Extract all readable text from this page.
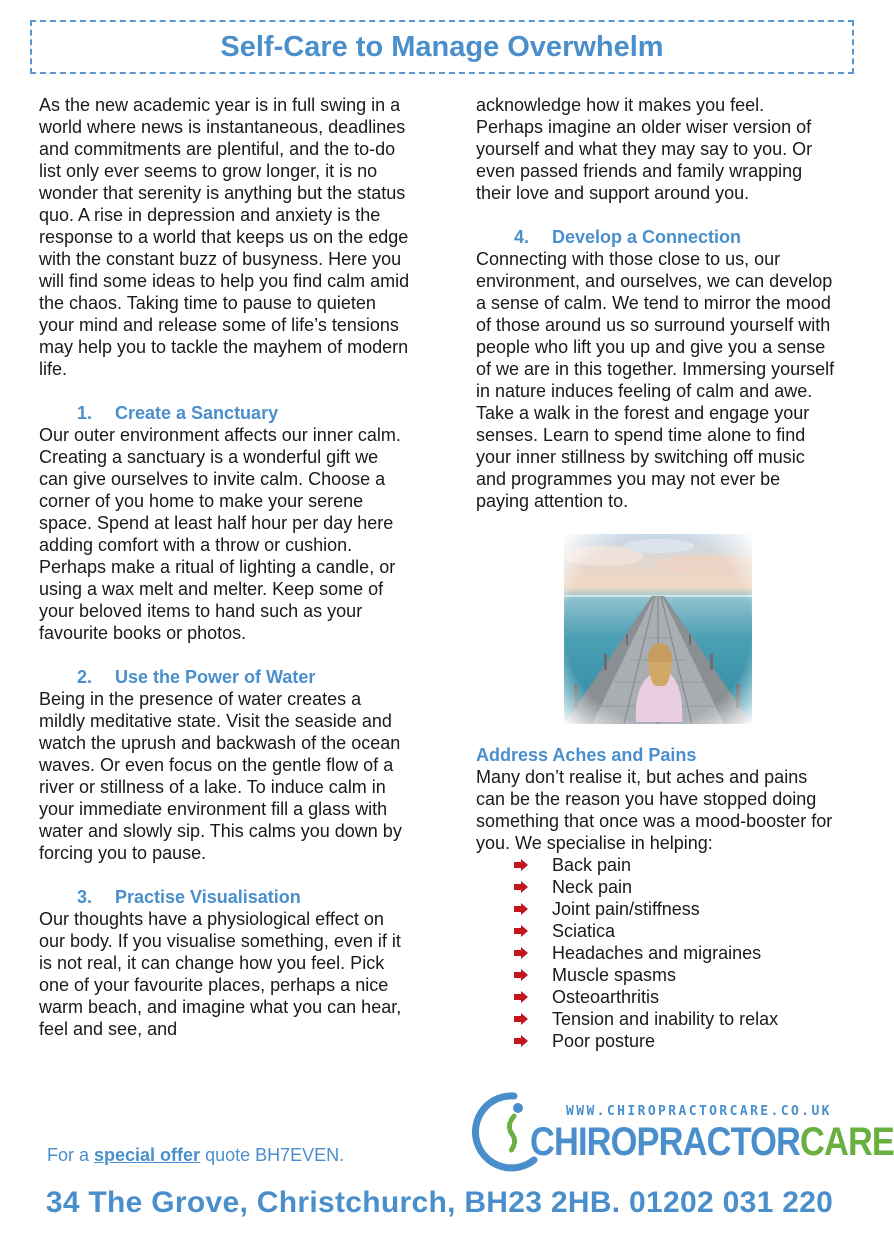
Self-Care to Manage Overwhelm

As the new academic year is in full swing in a world where news is instantaneous, deadlines and commitments are plentiful, and the to-do list only ever seems to grow longer, it is no wonder that serenity is anything but the status quo. A rise in depression and anxiety is the response to a world that keeps us on the edge with the constant buzz of busyness. Here you will find some ideas to help you find calm amid the chaos. Taking time to pause to quieten your mind and release some of life’s tensions may help you to tackle the mayhem of modern life.

1. Create a Sanctuary

Our outer environment affects our inner calm. Creating a sanctuary is a wonderful gift we can give ourselves to invite calm. Choose a corner of you home to make your serene space. Spend at least half hour per day here adding comfort with a throw or cushion. Perhaps make a ritual of lighting a candle, or using a wax melt and melter. Keep some of your beloved items to hand such as your favourite books or photos.

2. Use the Power of Water

Being in the presence of water creates a mildly meditative state. Visit the seaside and watch the uprush and backwash of the ocean waves. Or even focus on the gentle flow of a river or stillness of a lake. To induce calm in your immediate environment fill a glass with water and slowly sip. This calms you down by forcing you to pause.

3. Practise Visualisation

Our thoughts have a physiological effect on our body. If you visualise something, even if it is not real, it can change how you feel. Pick one of your favourite places, perhaps a nice warm beach, and imagine what you can hear, feel and see, and

acknowledge how it makes you feel. Perhaps imagine an older wiser version of yourself and what they may say to you. Or even passed friends and family wrapping their love and support around you.

4. Develop a Connection

Connecting with those close to us, our environment, and ourselves, we can develop a sense of calm. We tend to mirror the mood of those around us so surround yourself with people who lift you up and give you a sense of we are in this together. Immersing yourself in nature induces feeling of calm and awe. Take a walk in the forest and engage your senses. Learn to spend time alone to find your inner stillness by switching off music and programmes you may not ever be paying attention to.

Address Aches and Pains

Many don’t realise it, but aches and pains can be the reason you have stopped doing something that once was a mood-booster for you. We specialise in helping:

Back pain
Neck pain
Joint pain/stiffness
Sciatica
Headaches and migraines
Muscle spasms
Osteoarthritis
Tension and inability to relax
Poor posture
For a special offer quote BH7EVEN.
WWW.CHIROPRACTORCARE.CO.UK
CHIROPRACTORCARE
34 The Grove, Christchurch, BH23 2HB. 01202 031 220
